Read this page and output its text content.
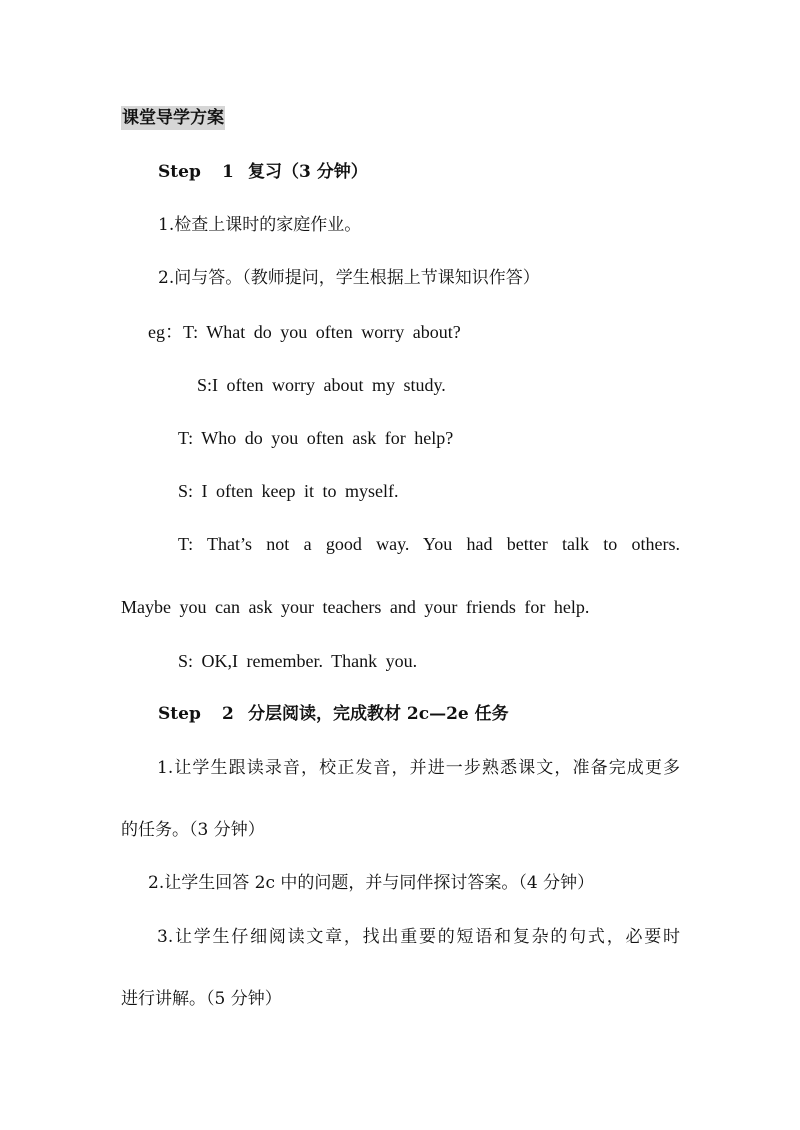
课堂导学方案
Step 1 复习（3 分钟）
1.检查上课时的家庭作业。
2.问与答。（教师提问，学生根据上节课知识作答）
eg：T: What do you often worry about?
S:I often worry about my study.
T: Who do you often ask for help?
S: I often keep it to myself.
T: That’s not a good way. You had better talk to others.
Maybe you can ask your teachers and your friends for help.
S: OK,I remember. Thank you.
Step 2 分层阅读，完成教材 2c—2e 任务
1.让学生跟读录音，校正发音，并进一步熟悉课文，准备完成更多
的任务。（3 分钟）
2.让学生回答 2c 中的问题，并与同伴探讨答案。（4 分钟）
3.让学生仔细阅读文章，找出重要的短语和复杂的句式，必要时
进行讲解。（5 分钟）
